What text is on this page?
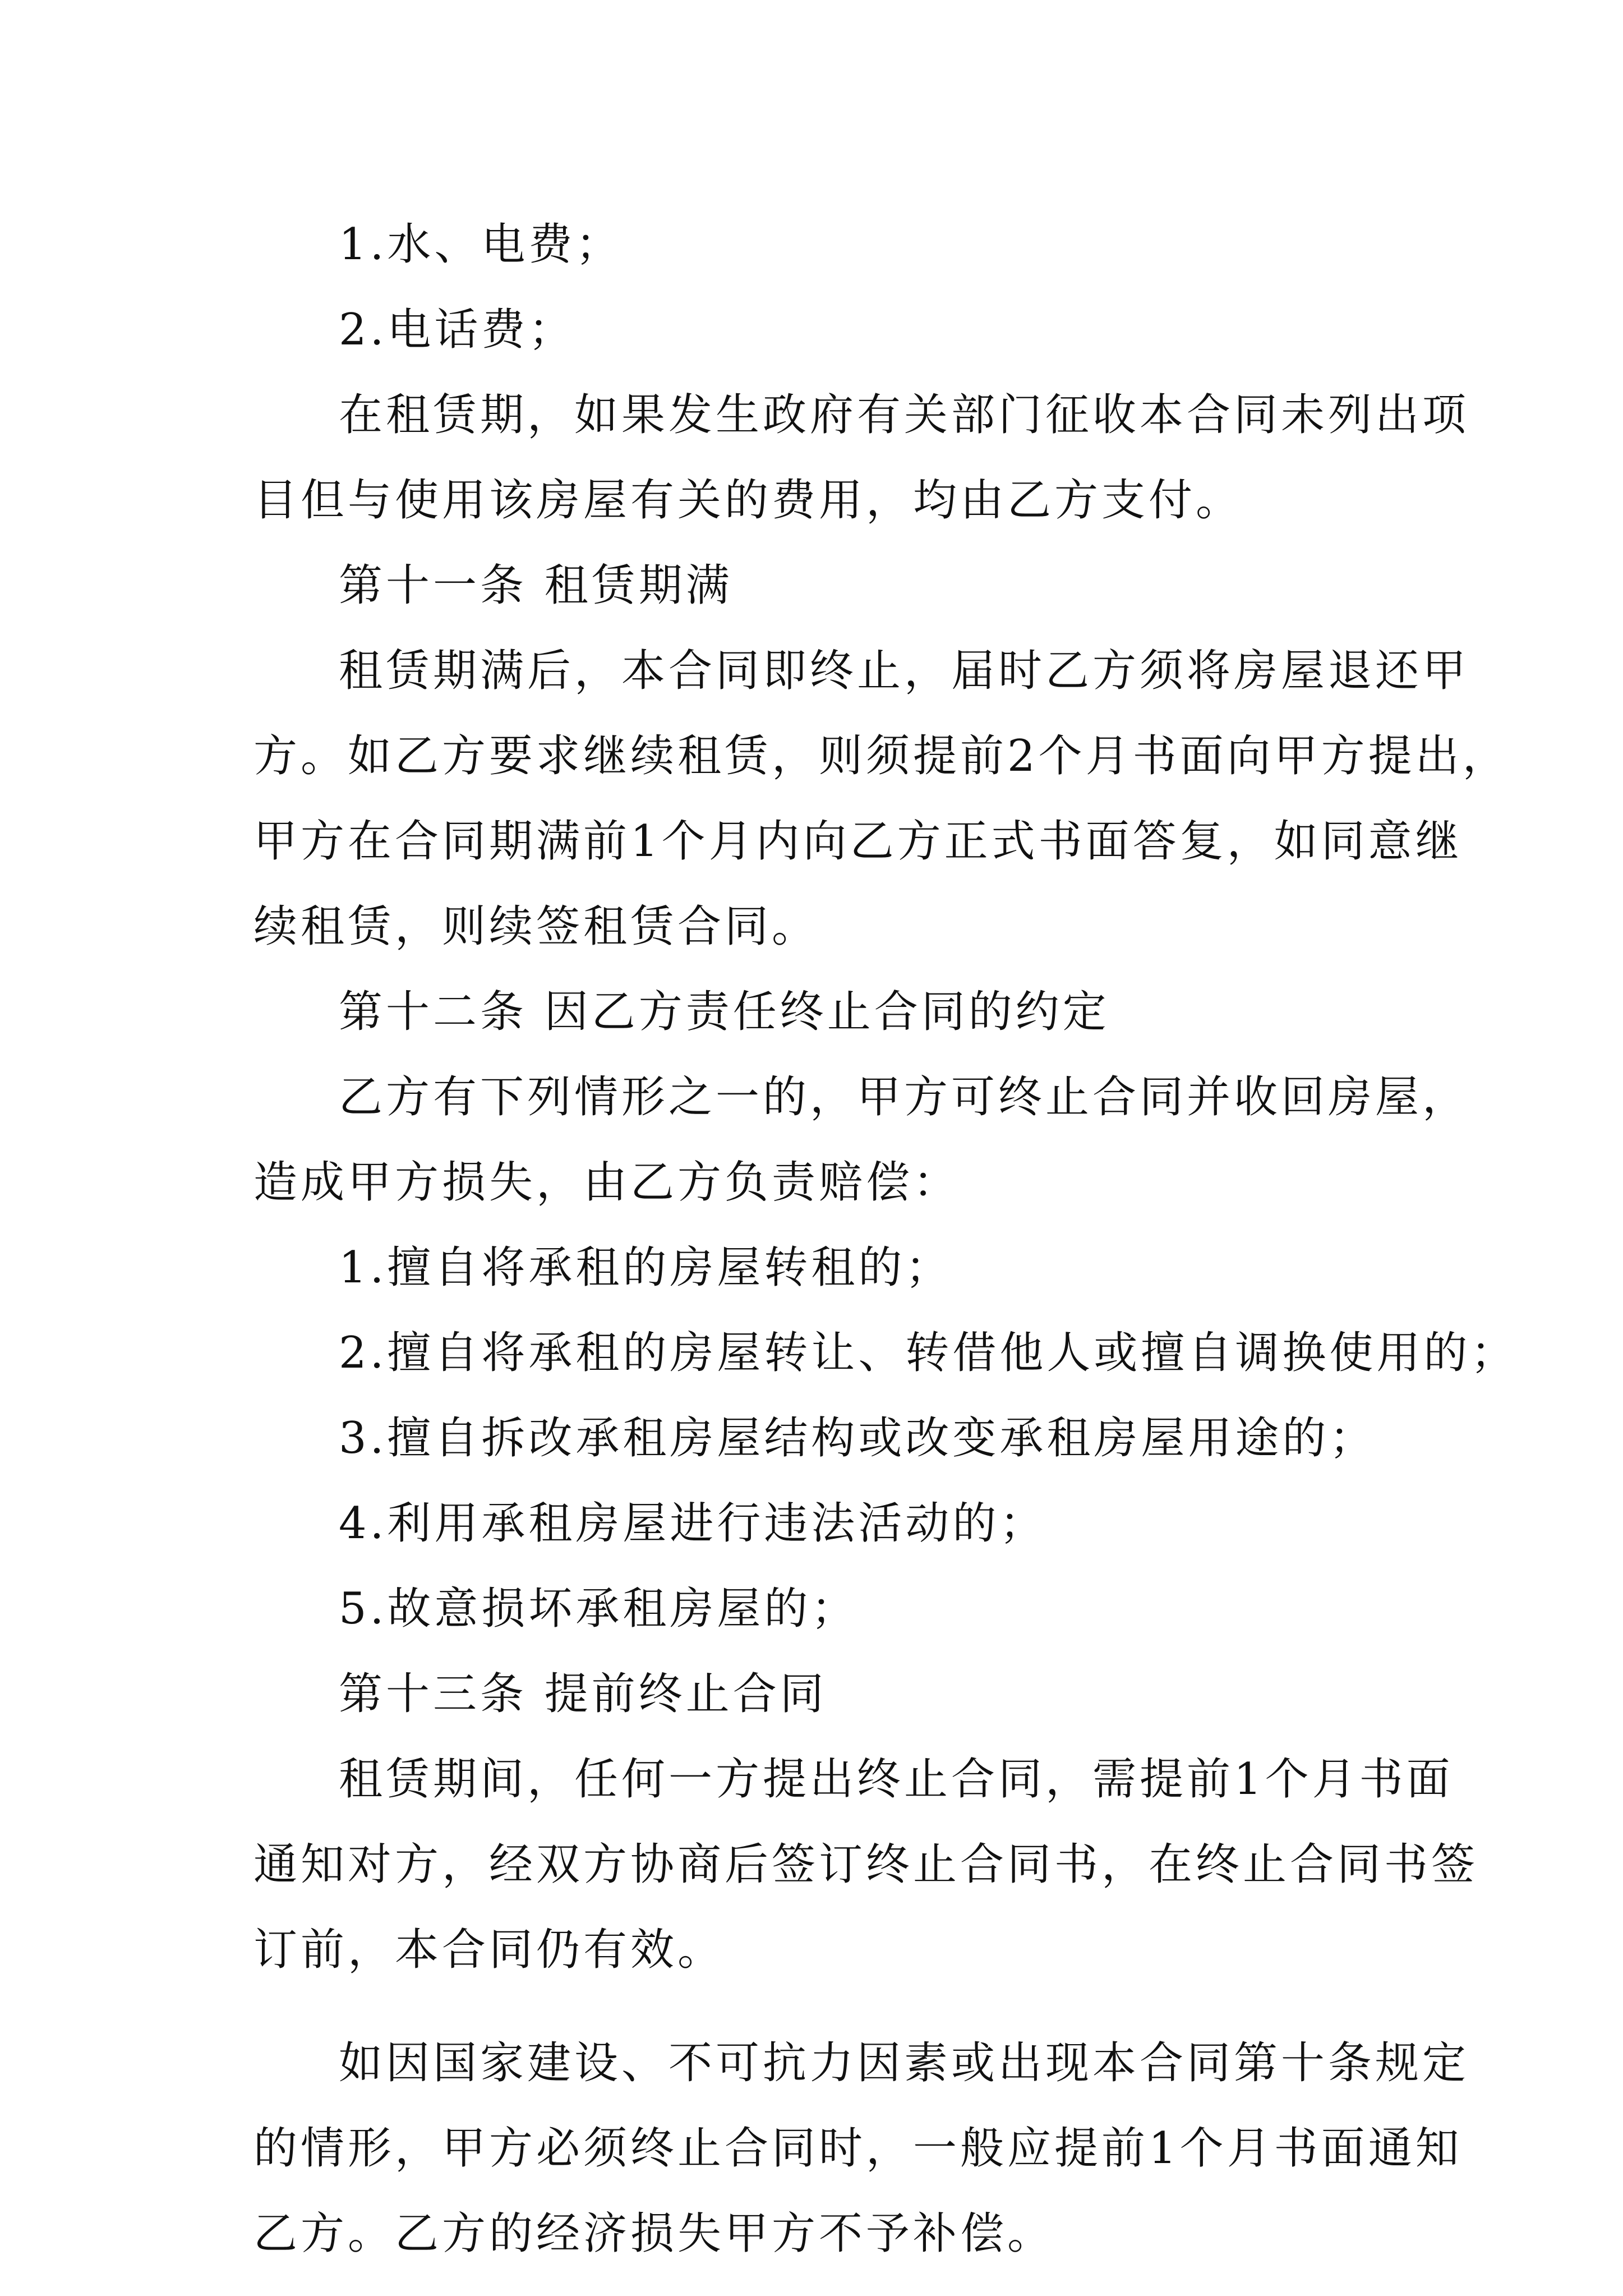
1.水、电费；
2.电话费；
在租赁期，如果发生政府有关部门征收本合同未列出项
目但与使用该房屋有关的费用，均由乙方支付。
第十一条 租赁期满
租赁期满后，本合同即终止，届时乙方须将房屋退还甲
方。如乙方要求继续租赁，则须提前2个月书面向甲方提出，
甲方在合同期满前1个月内向乙方正式书面答复，如同意继
续租赁，则续签租赁合同。
第十二条 因乙方责任终止合同的约定
乙方有下列情形之一的，甲方可终止合同并收回房屋，
造成甲方损失，由乙方负责赔偿：
1.擅自将承租的房屋转租的；
2.擅自将承租的房屋转让、转借他人或擅自调换使用的；
3.擅自拆改承租房屋结构或改变承租房屋用途的；
4.利用承租房屋进行违法活动的；
5.故意损坏承租房屋的；
第十三条 提前终止合同
租赁期间，任何一方提出终止合同，需提前1个月书面
通知对方，经双方协商后签订终止合同书，在终止合同书签
订前，本合同仍有效。
如因国家建设、不可抗力因素或出现本合同第十条规定
的情形，甲方必须终止合同时，一般应提前1个月书面通知
乙方。乙方的经济损失甲方不予补偿。
